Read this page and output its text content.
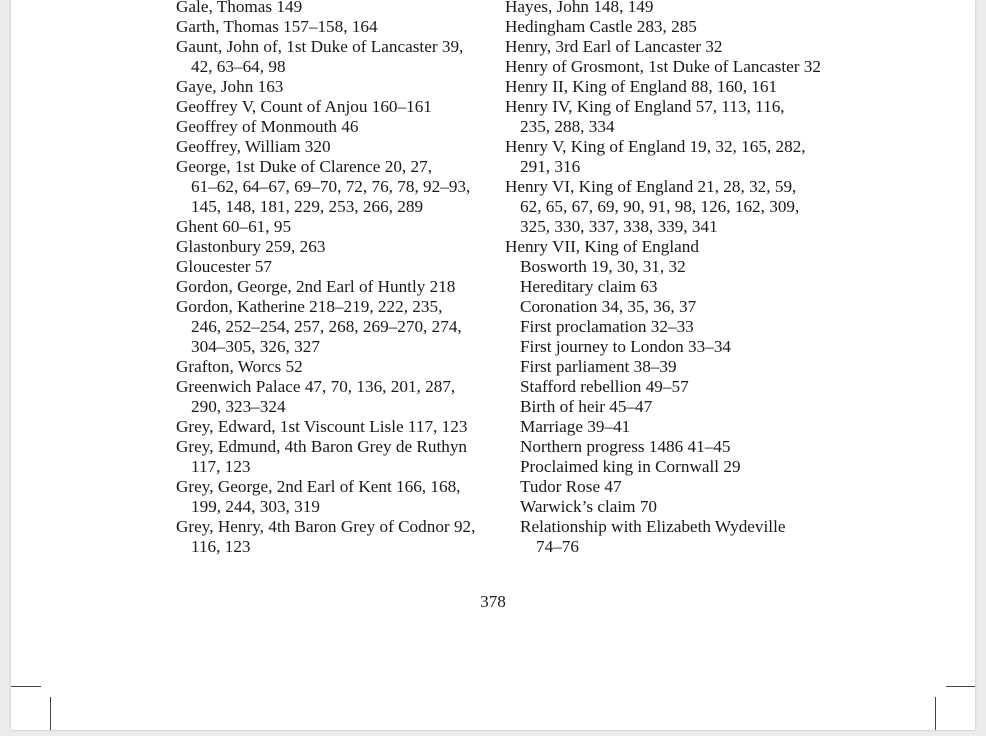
Gale, Thomas 149
Garth, Thomas 157–158, 164
Gaunt, John of, 1st Duke of Lancaster 39,
42, 63–64, 98
Gaye, John 163
Geoffrey V, Count of Anjou 160–161
Geoffrey of Monmouth 46
Geoffrey, William 320
George, 1st Duke of Clarence 20, 27,
61–62, 64–67, 69–70, 72, 76, 78, 92–93,
145, 148, 181, 229, 253, 266, 289
Ghent 60–61, 95
Glastonbury 259, 263
Gloucester 57
Gordon, George, 2nd Earl of Huntly 218
Gordon, Katherine 218–219, 222, 235,
246, 252–254, 257, 268, 269–270, 274,
304–305, 326, 327
Grafton, Worcs 52
Greenwich Palace 47, 70, 136, 201, 287,
290, 323–324
Grey, Edward, 1st Viscount Lisle 117, 123
Grey, Edmund, 4th Baron Grey de Ruthyn
117, 123
Grey, George, 2nd Earl of Kent 166, 168,
199, 244, 303, 319
Grey, Henry, 4th Baron Grey of Codnor 92,
116, 123
Hayes, John 148, 149
Hedingham Castle 283, 285
Henry, 3rd Earl of Lancaster 32
Henry of Grosmont, 1st Duke of Lancaster 32
Henry II, King of England 88, 160, 161
Henry IV, King of England 57, 113, 116,
235, 288, 334
Henry V, King of England 19, 32, 165, 282,
291, 316
Henry VI, King of England 21, 28, 32, 59,
62, 65, 67, 69, 90, 91, 98, 126, 162, 309,
325, 330, 337, 338, 339, 341
Henry VII, King of England
Bosworth 19, 30, 31, 32
Hereditary claim 63
Coronation 34, 35, 36, 37
First proclamation 32–33
First journey to London 33–34
First parliament 38–39
Stafford rebellion 49–57
Birth of heir 45–47
Marriage 39–41
Northern progress 1486 41–45
Proclaimed king in Cornwall 29
Tudor Rose 47
Warwick’s claim 70
Relationship with Elizabeth Wydeville
74–76
378
